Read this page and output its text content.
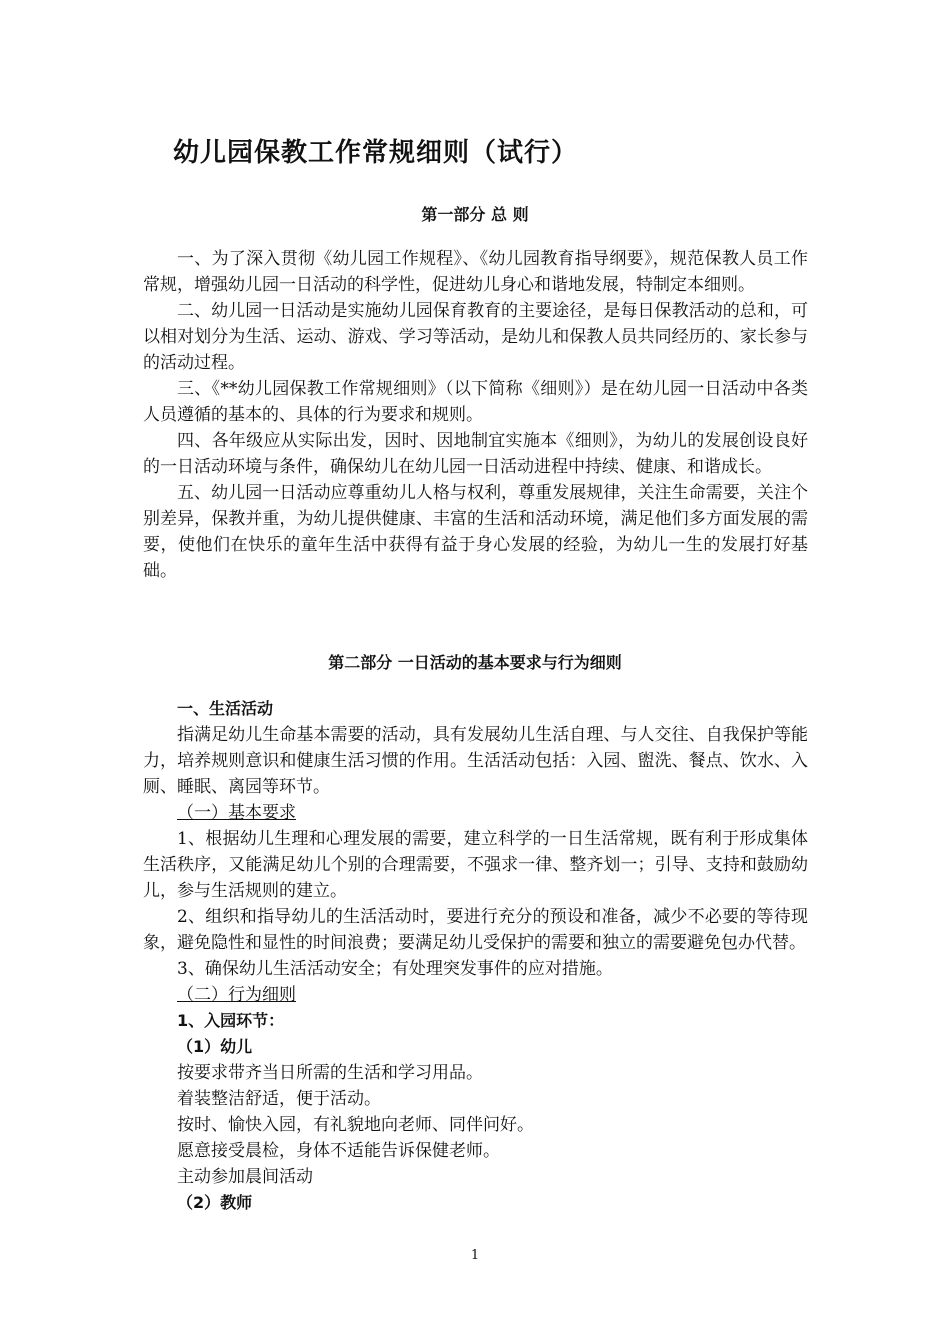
幼儿园保教工作常规细则（试行）
第一部分 总 则

一、为了深入贯彻《幼儿园工作规程》、《幼儿园教育指导纲要》，规范保教人员工作常规，增强幼儿园一日活动的科学性，促进幼儿身心和谐地发展，特制定本细则。

二、幼儿园一日活动是实施幼儿园保育教育的主要途径，是每日保教活动的总和，可以相对划分为生活、运动、游戏、学习等活动，是幼儿和保教人员共同经历的、家长参与的活动过程。

三、《**幼儿园保教工作常规细则》（以下简称《细则》）是在幼儿园一日活动中各类人员遵循的基本的、具体的行为要求和规则。

四、各年级应从实际出发，因时、因地制宜实施本《细则》，为幼儿的发展创设良好的一日活动环境与条件，确保幼儿在幼儿园一日活动进程中持续、健康、和谐成长。

五、幼儿园一日活动应尊重幼儿人格与权利，尊重发展规律，关注生命需要，关注个别差异，保教并重，为幼儿提供健康、丰富的生活和活动环境，满足他们多方面发展的需要，使他们在快乐的童年生活中获得有益于身心发展的经验，为幼儿一生的发展打好基础。

第二部分 一日活动的基本要求与行为细则

一、生活活动

指满足幼儿生命基本需要的活动，具有发展幼儿生活自理、与人交往、自我保护等能力，培养规则意识和健康生活习惯的作用。生活活动包括：入园、盥洗、餐点、饮水、入厕、睡眠、离园等环节。

（一）基本要求

1、根据幼儿生理和心理发展的需要，建立科学的一日生活常规，既有利于形成集体生活秩序，又能满足幼儿个别的合理需要，不强求一律、整齐划一；引导、支持和鼓励幼儿，参与生活规则的建立。

2、组织和指导幼儿的生活活动时，要进行充分的预设和准备，减少不必要的等待现象，避免隐性和显性的时间浪费；要满足幼儿受保护的需要和独立的需要避免包办代替。

3、确保幼儿生活活动安全；有处理突发事件的应对措施。

（二）行为细则

1、入园环节：

（1）幼儿

按要求带齐当日所需的生活和学习用品。
着装整洁舒适，便于活动。
按时、愉快入园，有礼貌地向老师、同伴问好。
愿意接受晨检，身体不适能告诉保健老师。
主动参加晨间活动

（2）教师

1
